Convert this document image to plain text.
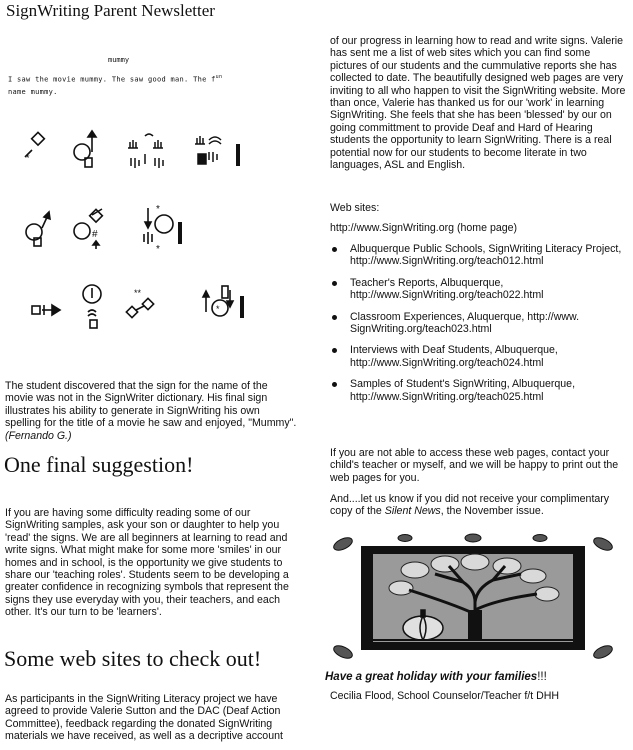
SignWriting Parent Newsletter
mummy
I saw the movie mummy. The saw good man. The $f^{un}$
name mummy.
*
#
*
*
**
*

The student discovered that the sign for the name of the movie was not in the SignWriter dictionary. His final sign illustrates his ability to generate in SignWriting his own spelling for the title of a movie he saw and enjoyed, "Mummy". (Fernando G.)

One final suggestion!

If you are having some difficulty reading some of our SignWriting samples, ask your son or daughter to help you 'read' the signs. We are all beginners at learning to read and write signs. What might make for some more 'smiles' in our homes and in school, is the opportunity we give students to share our 'teaching roles'. Students seem to be developing a greater confidence in recognizing symbols that represent the signs they use everyday with you, their teachers, and each other. It's our turn to be 'learners'.

Some web sites to check out!

As participants in the SignWriting Literacy project we have agreed to provide Valerie Sutton and the DAC (Deaf Action Committee), feedback regarding the donated SignWriting materials we have received, as well as a decriptive account

of our progress in learning how to read and write signs. Valerie has sent me a list of web sites which you can find some pictures of our students and the cummulative reports she has collected to date. The beautifully designed web pages are very inviting to all who happen to visit the SignWriting website. More than once, Valerie has thanked us for our 'work' in learning SignWriting. She feels that she has been 'blessed' by our on going committment to provide Deaf and Hard of Hearing students the opportunity to learn SignWriting. There is a real potential now for our students to become literate in two languages, ASL and English.

Web sites:
http://www.SignWriting.org (home page)
Albuquerque Public Schools, SignWriting Literacy Project, http://www.SignWriting.org/teach012.html
Teacher's Reports, Albuquerque, http://www.SignWriting.org/teach022.html
Classroom Experiences, Aluquerque, http://www. SignWriting.org/teach023.html
Interviews with Deaf Students, Albuquerque, http://www.SignWriting.org/teach024.html
Samples of Student's SignWriting, Albuquerque, http://www.SignWriting.org/teach025.html

If you are not able to access these web pages, contact your child's teacher or myself, and we will be happy to print out the web pages for you.

And....let us know if you did not receive your complimentary copy of the Silent News, the November issue.

Have a great holiday with your families!!!
Cecilia Flood, School Counselor/Teacher f/t DHH
